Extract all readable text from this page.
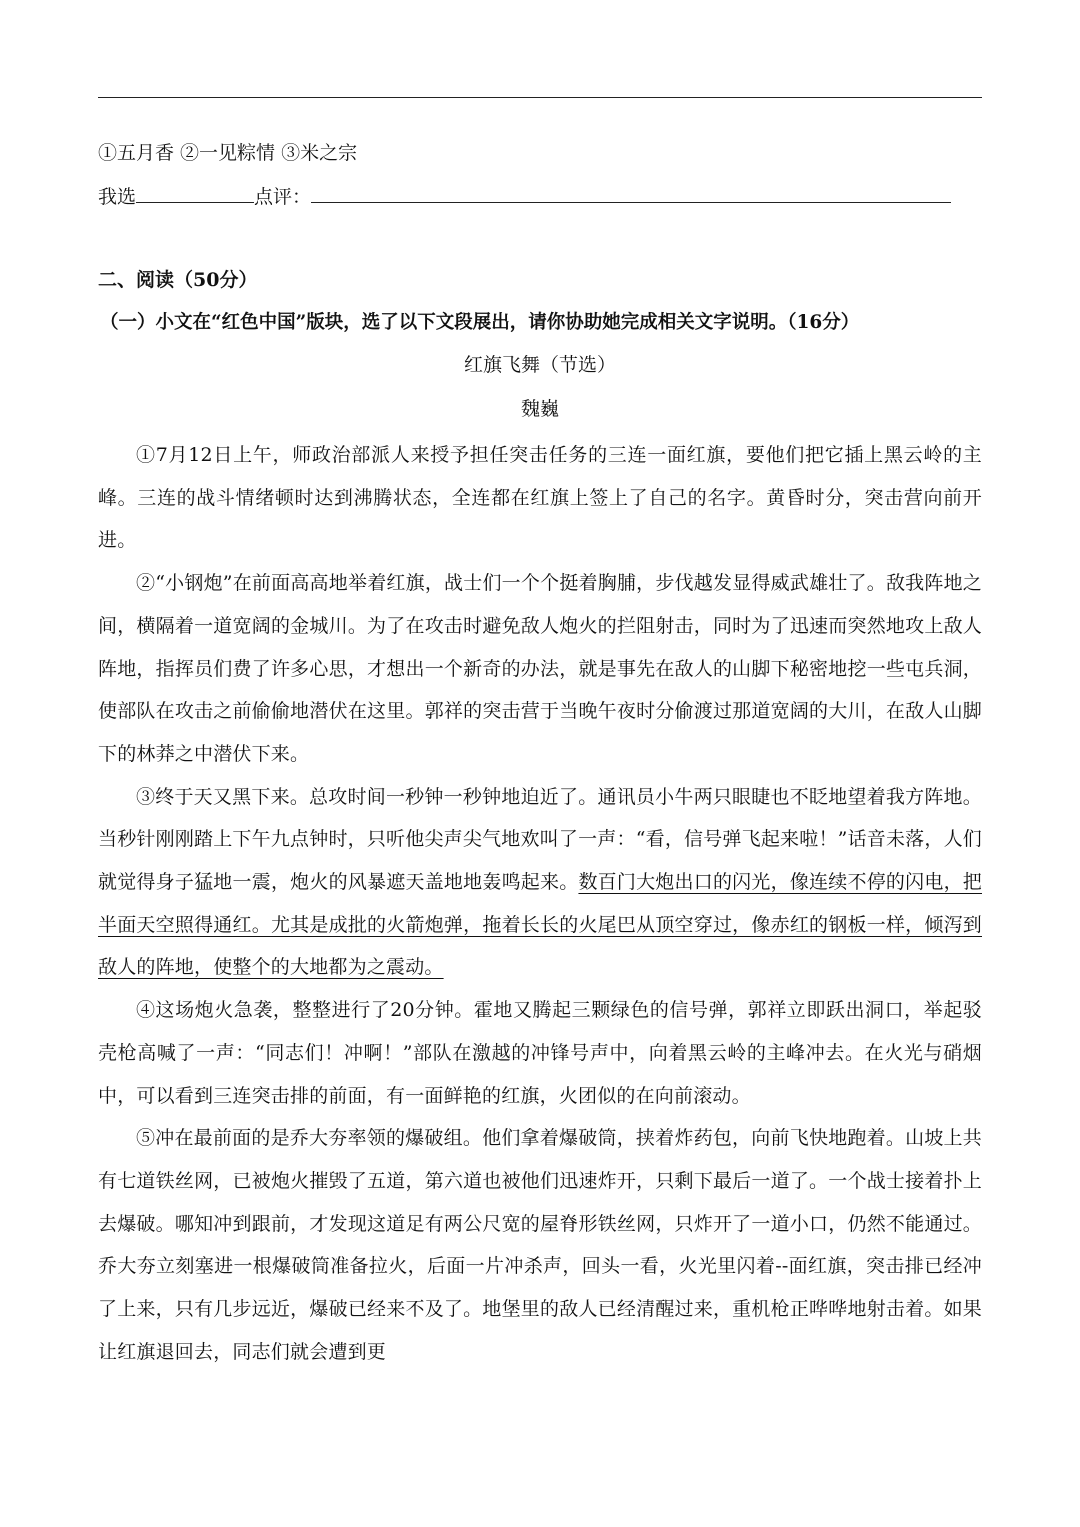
①五月香 ②一见粽情 ③米之宗
我选	点评：
二、阅读（50分）
（一）小文在“红色中国”版块，选了以下文段展出，请你协助她完成相关文字说明。（16分）
红旗飞舞（节选）
魏巍

①7月12日上午，师政治部派人来授予担任突击任务的三连一面红旗，要他们把它插上黑云岭的主峰。三连的战斗情绪顿时达到沸腾状态，全连都在红旗上签上了自己的名字。黄昏时分，突击营向前开进。

②“小钢炮”在前面高高地举着红旗，战士们一个个挺着胸脯，步伐越发显得威武雄壮了。敌我阵地之间，横隔着一道宽阔的金城川。为了在攻击时避免敌人炮火的拦阻射击，同时为了迅速而突然地攻上敌人阵地，指挥员们费了许多心思，才想出一个新奇的办法，就是事先在敌人的山脚下秘密地挖一些屯兵洞，使部队在攻击之前偷偷地潜伏在这里。郭祥的突击营于当晚午夜时分偷渡过那道宽阔的大川，在敌人山脚下的林莽之中潜伏下来。

③终于天又黑下来。总攻时间一秒钟一秒钟地迫近了。通讯员小牛两只眼睫也不眨地望着我方阵地。当秒针刚刚踏上下午九点钟时，只听他尖声尖气地欢叫了一声：“看，信号弹飞起来啦！”话音未落，人们就觉得身子猛地一震，炮火的风暴遮天盖地地轰鸣起来。数百门大炮出口的闪光，像连续不停的闪电，把半面天空照得通红。尤其是成批的火箭炮弹，拖着长长的火尾巴从顶空穿过，像赤红的钢板一样，倾泻到敌人的阵地，使整个的大地都为之震动。

④这场炮火急袭，整整进行了20分钟。霍地又腾起三颗绿色的信号弹，郭祥立即跃出洞口，举起驳壳枪高喊了一声：“同志们！冲啊！”部队在激越的冲锋号声中，向着黑云岭的主峰冲去。在火光与硝烟中，可以看到三连突击排的前面，有一面鲜艳的红旗，火团似的在向前滚动。

⑤冲在最前面的是乔大夯率领的爆破组。他们拿着爆破筒，挟着炸药包，向前飞快地跑着。山坡上共有七道铁丝网，已被炮火摧毁了五道，第六道也被他们迅速炸开，只剩下最后一道了。一个战士接着扑上去爆破。哪知冲到跟前，才发现这道足有两公尺宽的屋脊形铁丝网，只炸开了一道小口，仍然不能通过。乔大夯立刻塞进一根爆破筒准备拉火，后面一片冲杀声，回头一看，火光里闪着--面红旗，突击排已经冲了上来，只有几步远近，爆破已经来不及了。地堡里的敌人已经清醒过来，重机枪正哗哗地射击着。如果让红旗退回去，同志们就会遭到更
